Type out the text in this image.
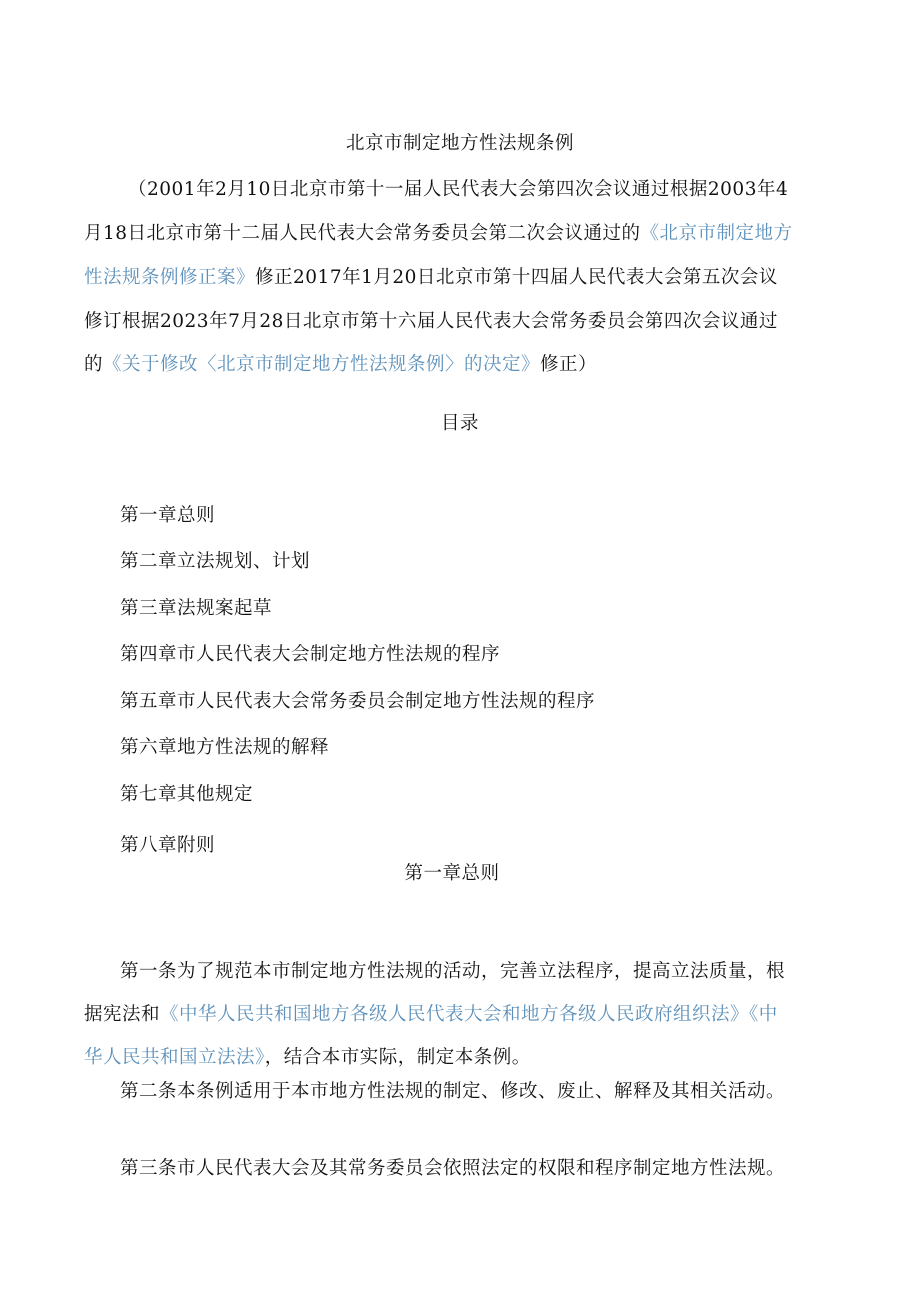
北京市制定地方性法规条例

（2001年2月10日北京市第十一届人民代表大会第四次会议通过根据2003年4

月18日北京市第十二届人民代表大会常务委员会第二次会议通过的《北京市制定地方

性法规条例修正案》修正2017年1月20日北京市第十四届人民代表大会第五次会议

修订根据2023年7月28日北京市第十六届人民代表大会常务委员会第四次会议通过

的《关于修改〈北京市制定地方性法规条例〉的决定》修正）

目录

第一章总则

第二章立法规划、计划

第三章法规案起草

第四章市人民代表大会制定地方性法规的程序

第五章市人民代表大会常务委员会制定地方性法规的程序

第六章地方性法规的解释

第七章其他规定

第八章附则

第一章总则

第一条为了规范本市制定地方性法规的活动，完善立法程序，提高立法质量，根

据宪法和《中华人民共和国地方各级人民代表大会和地方各级人民政府组织法》《中

华人民共和国立法法》，结合本市实际，制定本条例。

第二条本条例适用于本市地方性法规的制定、修改、废止、解释及其相关活动。

第三条市人民代表大会及其常务委员会依照法定的权限和程序制定地方性法规。
